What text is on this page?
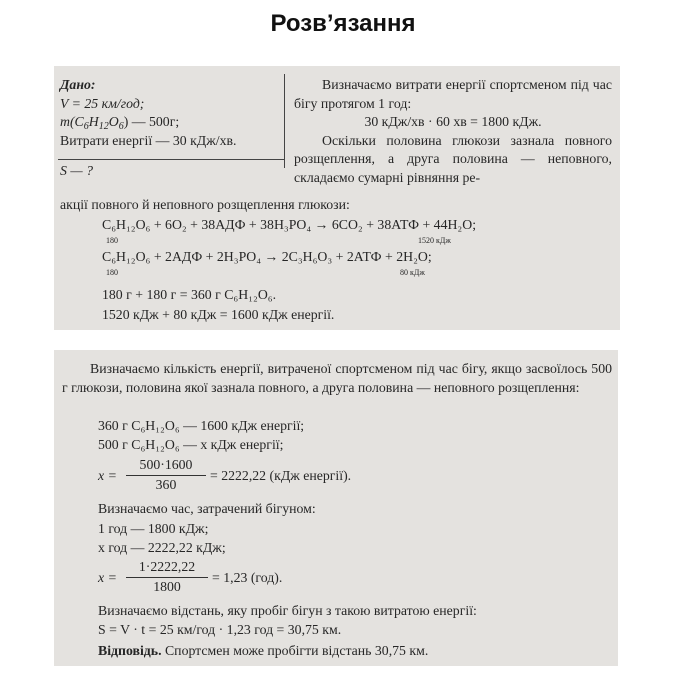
Розв’язання
Дано:
V = 25 км/год;
$m(C_6H_{12}O_6)$ — 500г;
Витрати енергії — 30 кДж/хв.
S — ?

Визначаємо витрати енергії спортсменом під час бігу протягом 1 год:

30 кДж/хв · 60 хв = 1800 кДж.

Оскільки половина глюкози зазнала повного розщеплення, а друга половина — неповного, складаємо сумарні рівняння ре-

акції повного й неповного розщеплення глюкози:

C₆H₁₂O₆ + 6O₂ + 38АДФ + 38H₃PO₄ → 6CO₂ + 38АТФ + 44H₂O;
180	1520 кДж
C₆H₁₂O₆ + 2АДФ + 2H₃PO₄ → 2C₃H₆O₃ + 2АТФ + 2H₂O;
180	80 кДж
180 г + 180 г = 360 г C₆H₁₂O₆.
1520 кДж + 80 кДж = 1600 кДж енергії.

Визначаємо кількість енергії, витраченої спортсменом під час бігу, якщо засвоїлось 500 г глюкози, половина якої зазнала повного, а друга половина — неповного розщеплення:

360 г C₆H₁₂O₆ — 1600 кДж енергії;
500 г C₆H₁₂O₆ — x кДж енергії;
$x = \frac{500\cdot 1600}{360} = 2222,22$ (кДж енергії).
Визначаємо час, затрачений бігуном:
1 год — 1800 кДж;
x год — 2222,22 кДж;
$x = \frac{1\cdot 2222,22}{1800} = 1,23$ (год).
Визначаємо відстань, яку пробіг бігун з такою витратою енергії:
S = V · t = 25 км/год · 1,23 год = 30,75 км.
Відповідь. Спортсмен може пробігти відстань 30,75 км.
